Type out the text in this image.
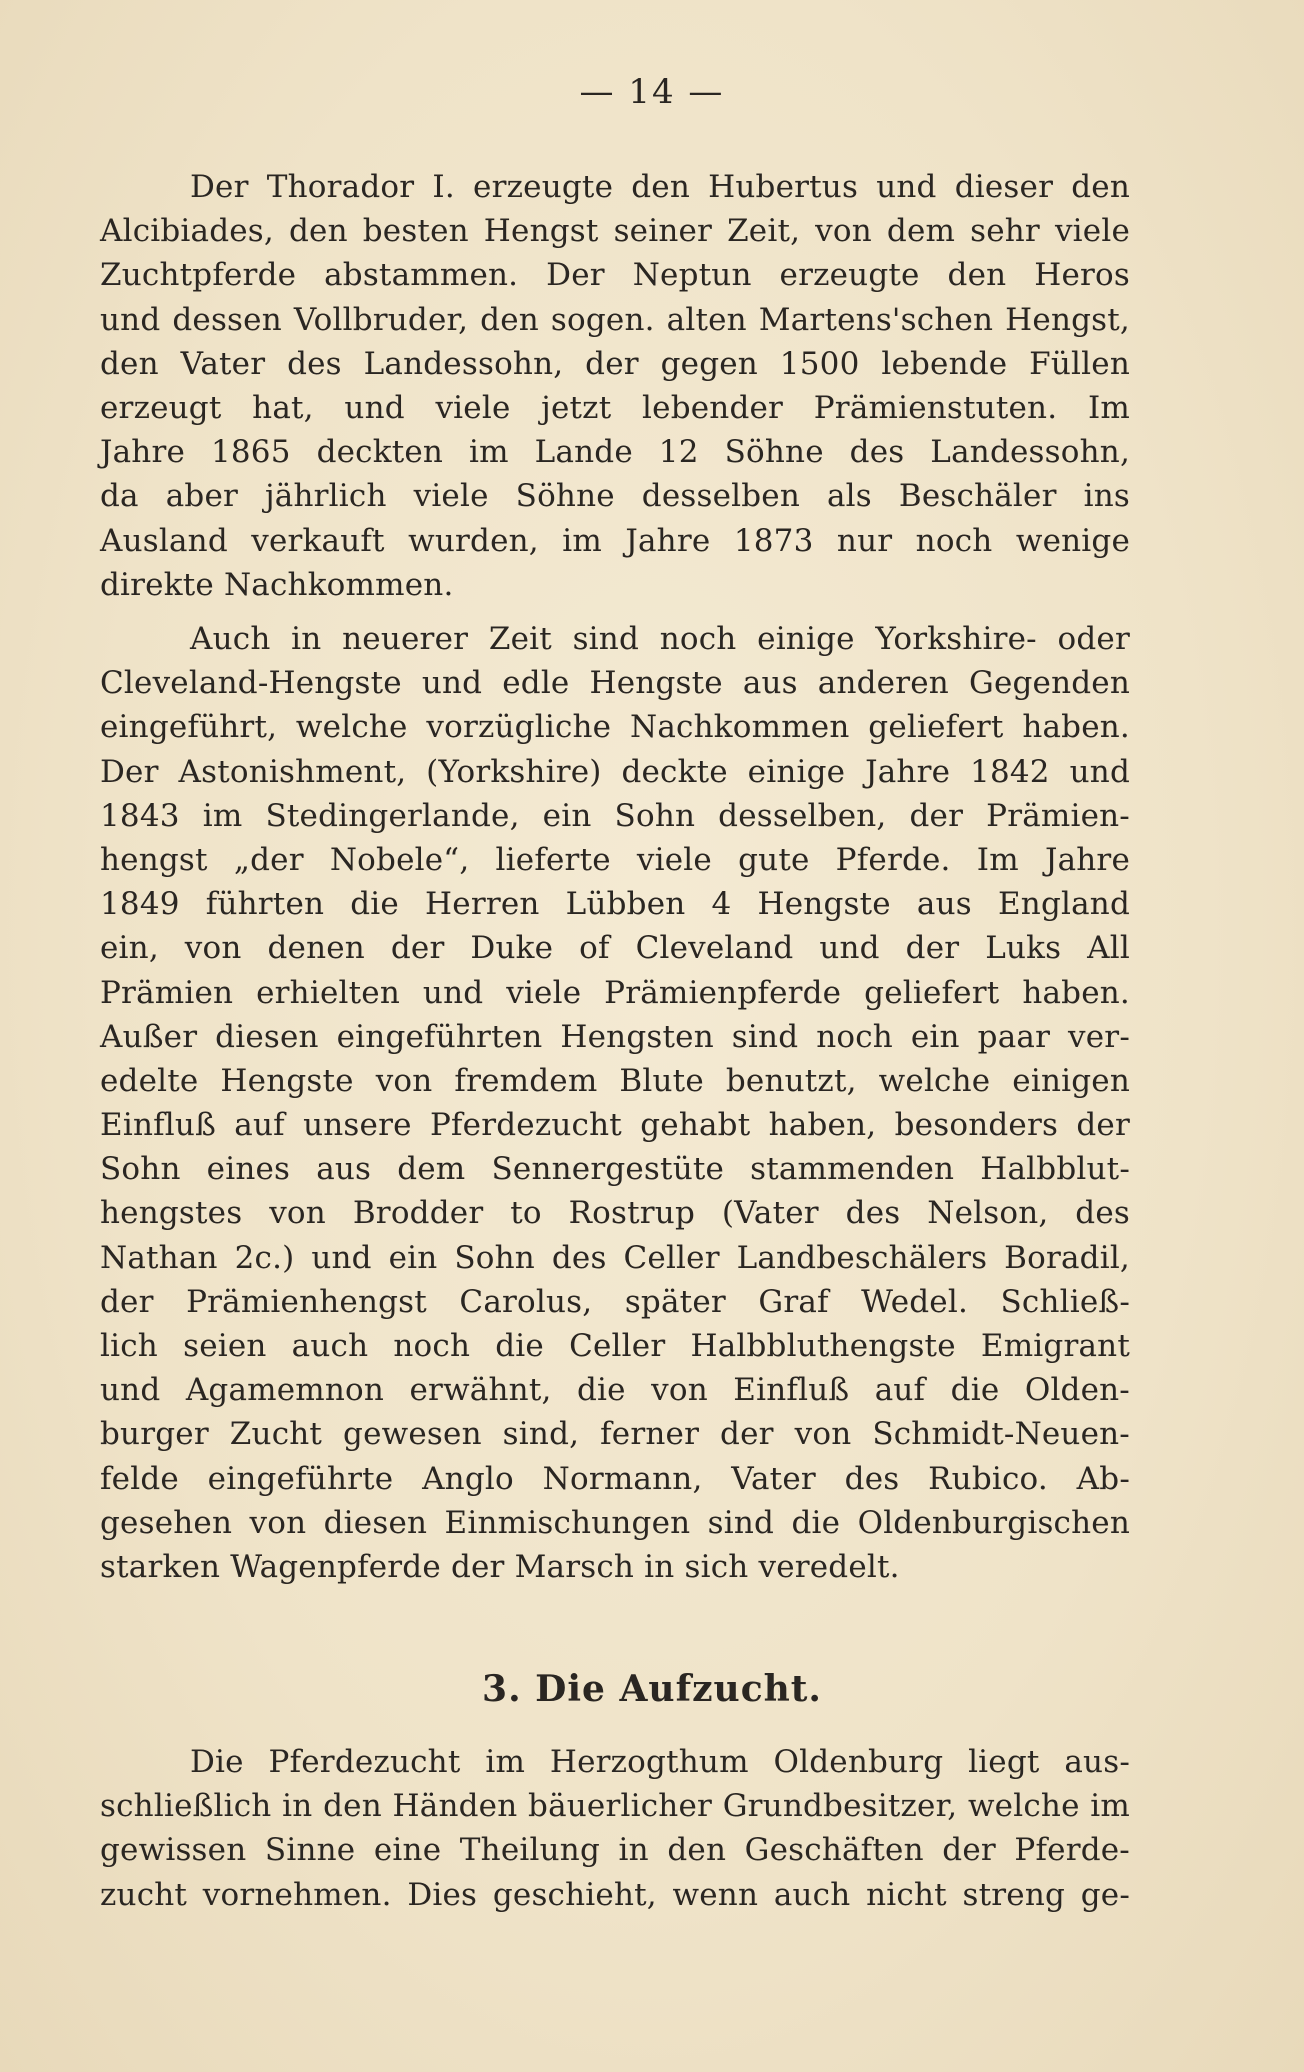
— 14 —
Der Thorador I. erzeugte den Hubertus und dieser den
Alcibiades, den besten Hengst seiner Zeit, von dem sehr viele
Zuchtpferde abstammen. Der Neptun erzeugte den Heros
und dessen Vollbruder, den sogen. alten Martens'schen Hengst,
den Vater des Landessohn, der gegen 1500 lebende Füllen
erzeugt hat, und viele jetzt lebender Prämienstuten. Im
Jahre 1865 deckten im Lande 12 Söhne des Landessohn,
da aber jährlich viele Söhne desselben als Beschäler ins
Ausland verkauft wurden, im Jahre 1873 nur noch wenige
direkte Nachkommen.
Auch in neuerer Zeit sind noch einige Yorkshire- oder
Cleveland-Hengste und edle Hengste aus anderen Gegenden
eingeführt, welche vorzügliche Nachkommen geliefert haben.
Der Astonishment, (Yorkshire) deckte einige Jahre 1842 und
1843 im Stedingerlande, ein Sohn desselben, der Prämien-
hengst „der Nobele“, lieferte viele gute Pferde. Im Jahre
1849 führten die Herren Lübben 4 Hengste aus England
ein, von denen der Duke of Cleveland und der Luks All
Prämien erhielten und viele Prämienpferde geliefert haben.
Außer diesen eingeführten Hengsten sind noch ein paar ver-
edelte Hengste von fremdem Blute benutzt, welche einigen
Einfluß auf unsere Pferdezucht gehabt haben, besonders der
Sohn eines aus dem Sennergestüte stammenden Halbblut-
hengstes von Brodder to Rostrup (Vater des Nelson, des
Nathan 2c.) und ein Sohn des Celler Landbeschälers Boradil,
der Prämienhengst Carolus, später Graf Wedel. Schließ-
lich seien auch noch die Celler Halbbluthengste Emigrant
und Agamemnon erwähnt, die von Einfluß auf die Olden-
burger Zucht gewesen sind, ferner der von Schmidt-Neuen-
felde eingeführte Anglo Normann, Vater des Rubico. Ab-
gesehen von diesen Einmischungen sind die Oldenburgischen
starken Wagenpferde der Marsch in sich veredelt.
3. Die Aufzucht.
Die Pferdezucht im Herzogthum Oldenburg liegt aus-
schließlich in den Händen bäuerlicher Grundbesitzer, welche im
gewissen Sinne eine Theilung in den Geschäften der Pferde-
zucht vornehmen. Dies geschieht, wenn auch nicht streng ge-
